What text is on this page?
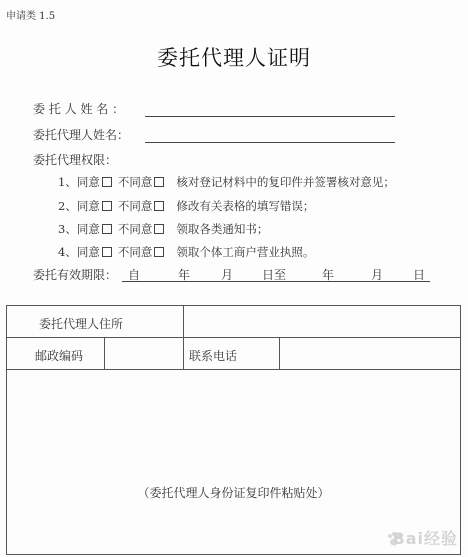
申请类 1.5
委托代理人证明
委 托 人 姓 名 ：
委托代理人姓名：
委托代理权限：
1、同意 不同意 核对登记材料中的复印件并签署核对意见；
2、同意 不同意 修改有关表格的填写错误；
3、同意 不同意 领取各类通知书；
4、同意 不同意 领取个体工商户营业执照。
委托有效期限： 自	年	月 日至	年	月 日
委托代理人住所
邮政编码	联系电话
（委托代理人身份证复印件粘贴处）
Bai经验
